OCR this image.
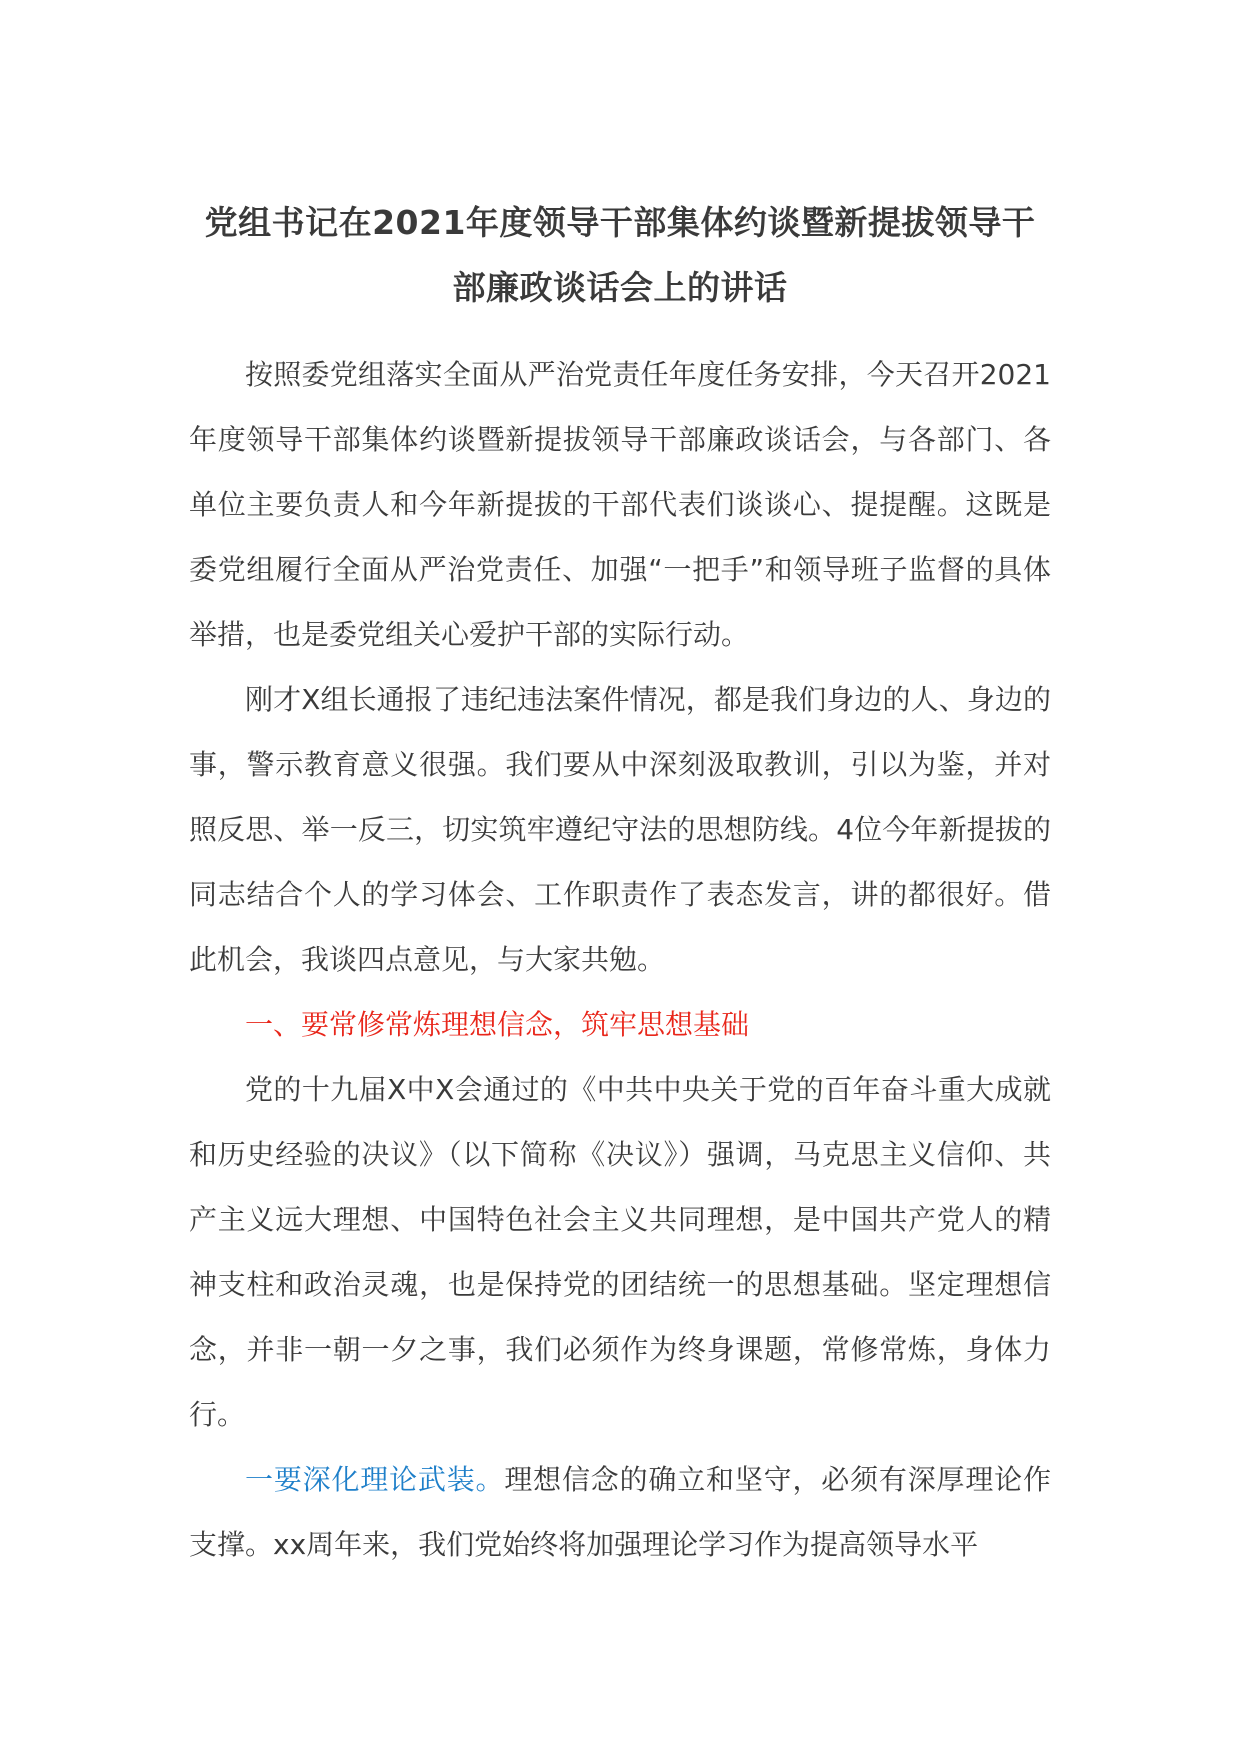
党组书记在2021年度领导干部集体约谈暨新提拔领导干
部廉政谈话会上的讲话

按照委党组落实全面从严治党责任年度任务安排，今天召开2021年度领导干部集体约谈暨新提拔领导干部廉政谈话会，与各部门、各单位主要负责人和今年新提拔的干部代表们谈谈心、提提醒。这既是委党组履行全面从严治党责任、加强“一把手”和领导班子监督的具体举措，也是委党组关心爱护干部的实际行动。

刚才X组长通报了违纪违法案件情况，都是我们身边的人、身边的事，警示教育意义很强。我们要从中深刻汲取教训，引以为鉴，并对照反思、举一反三，切实筑牢遵纪守法的思想防线。4位今年新提拔的同志结合个人的学习体会、工作职责作了表态发言，讲的都很好。借此机会，我谈四点意见，与大家共勉。

一、要常修常炼理想信念，筑牢思想基础

党的十九届X中X会通过的《中共中央关于党的百年奋斗重大成就和历史经验的决议》（以下简称《决议》）强调，马克思主义信仰、共产主义远大理想、中国特色社会主义共同理想，是中国共产党人的精神支柱和政治灵魂，也是保持党的团结统一的思想基础。坚定理想信念，并非一朝一夕之事，我们必须作为终身课题，常修常炼，身体力行。

一要深化理论武装。理想信念的确立和坚守，必须有深厚理论作支撑。xx周年来，我们党始终将加强理论学习作为提高领导水平
